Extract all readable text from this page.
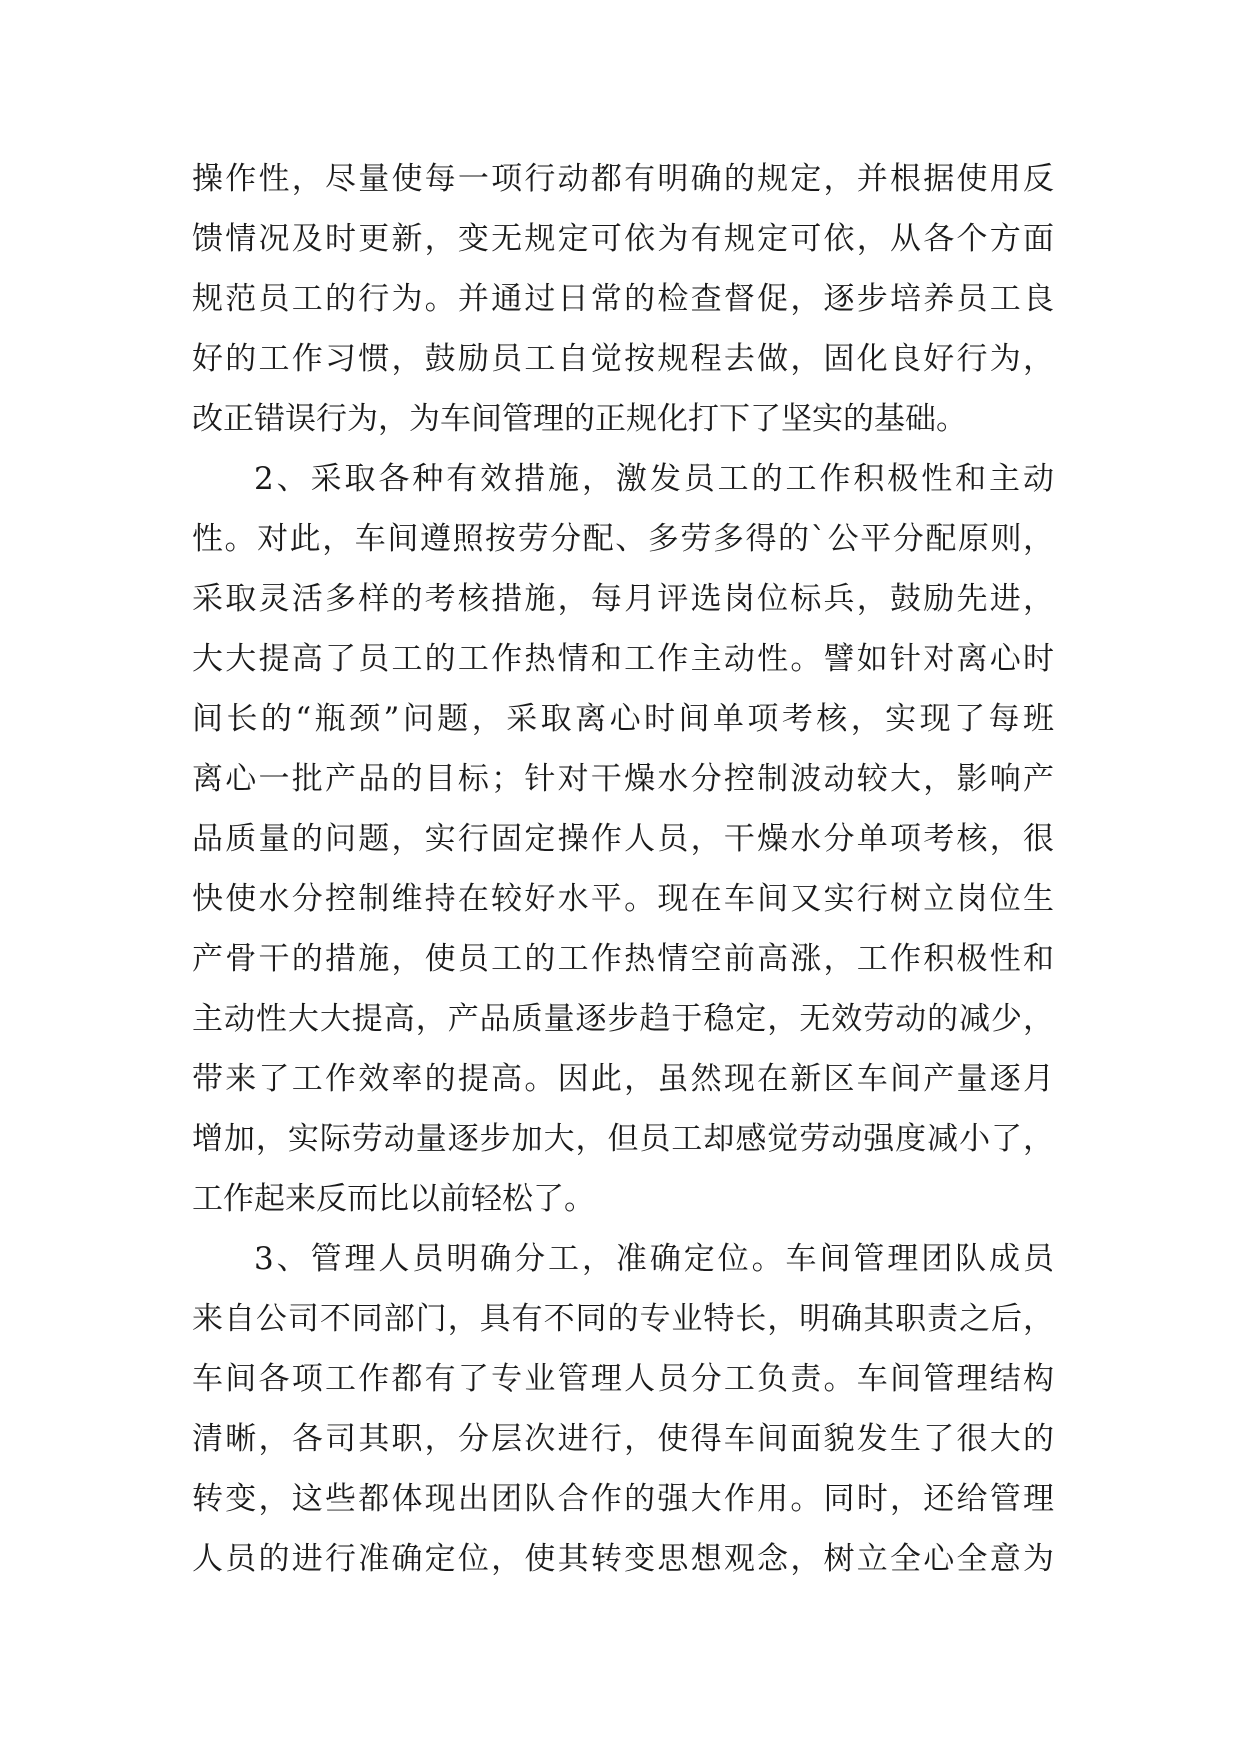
操作性，尽量使每一项行动都有明确的规定，并根据使用反
馈情况及时更新，变无规定可依为有规定可依，从各个方面
规范员工的行为。并通过日常的检查督促，逐步培养员工良
好的工作习惯，鼓励员工自觉按规程去做，固化良好行为，
改正错误行为，为车间管理的正规化打下了坚实的基础。
2、采取各种有效措施，激发员工的工作积极性和主动
性。对此，车间遵照按劳分配、多劳多得的`公平分配原则，
采取灵活多样的考核措施，每月评选岗位标兵，鼓励先进，
大大提高了员工的工作热情和工作主动性。譬如针对离心时
间长的“瓶颈”问题，采取离心时间单项考核，实现了每班
离心一批产品的目标；针对干燥水分控制波动较大，影响产
品质量的问题，实行固定操作人员，干燥水分单项考核，很
快使水分控制维持在较好水平。现在车间又实行树立岗位生
产骨干的措施，使员工的工作热情空前高涨，工作积极性和
主动性大大提高，产品质量逐步趋于稳定，无效劳动的减少，
带来了工作效率的提高。因此，虽然现在新区车间产量逐月
增加，实际劳动量逐步加大，但员工却感觉劳动强度减小了，
工作起来反而比以前轻松了。
3、管理人员明确分工，准确定位。车间管理团队成员
来自公司不同部门，具有不同的专业特长，明确其职责之后，
车间各项工作都有了专业管理人员分工负责。车间管理结构
清晰，各司其职，分层次进行，使得车间面貌发生了很大的
转变，这些都体现出团队合作的强大作用。同时，还给管理
人员的进行准确定位，使其转变思想观念，树立全心全意为
